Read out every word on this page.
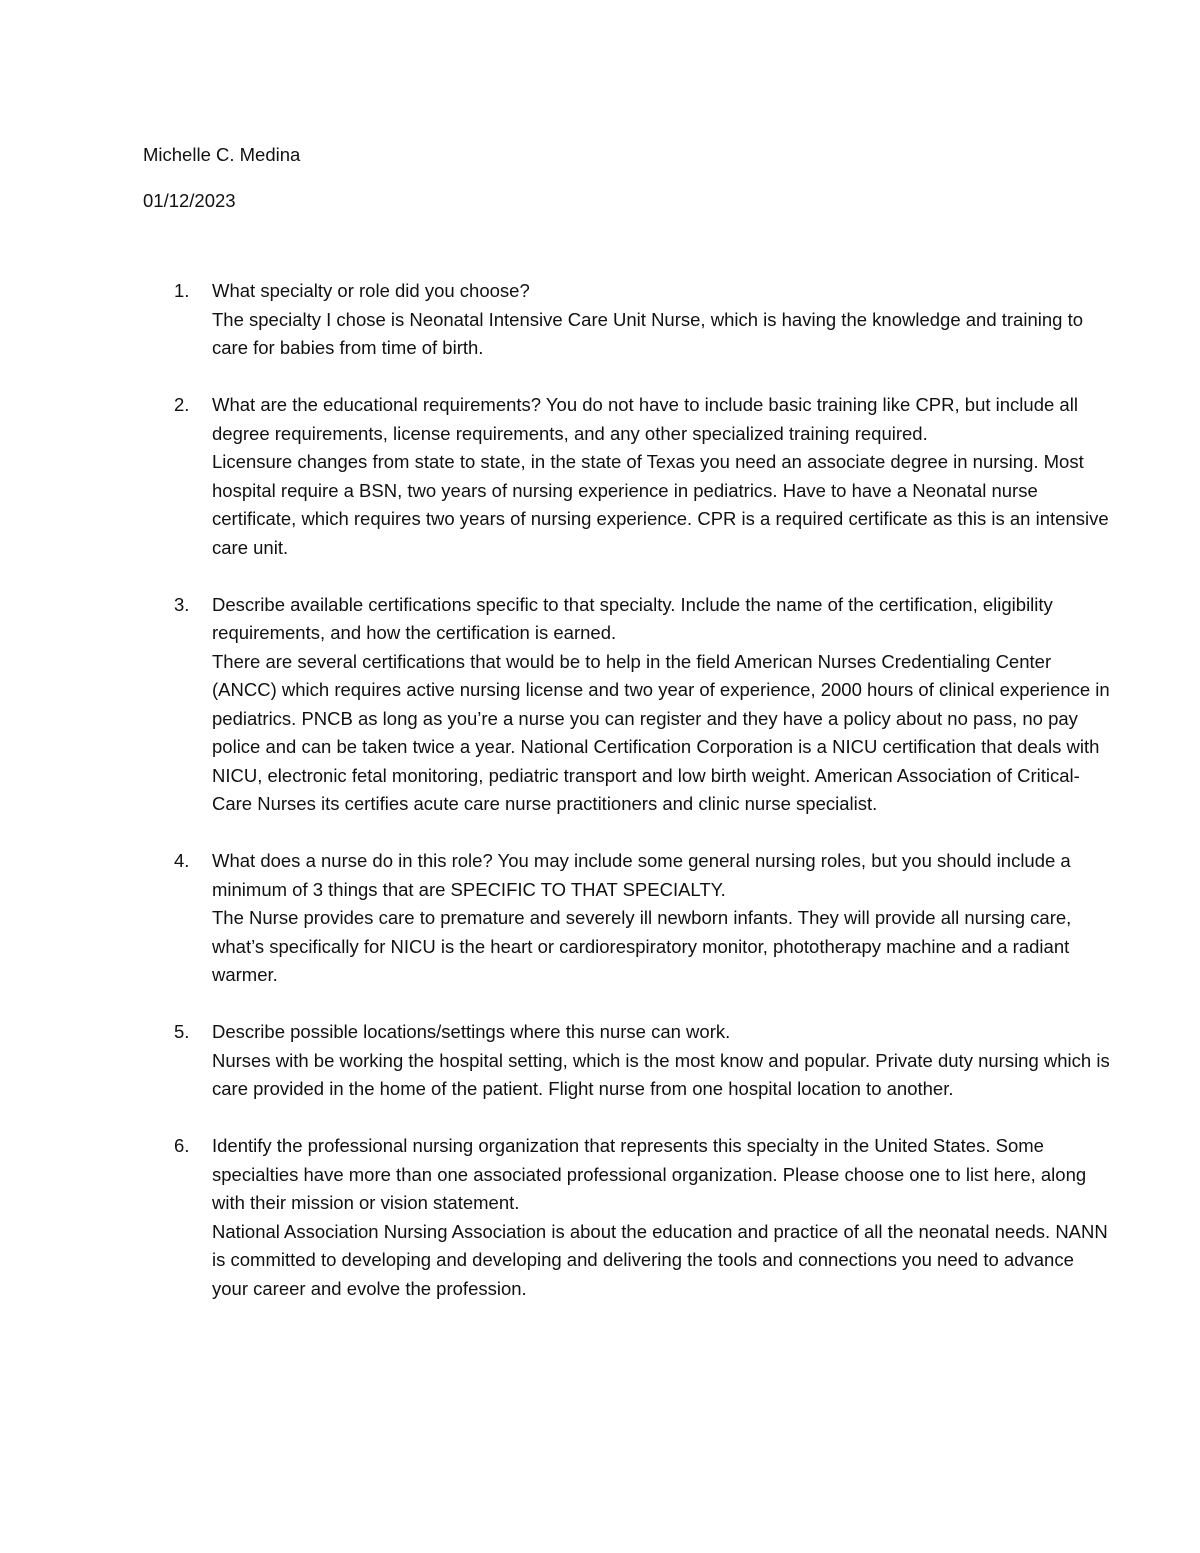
Michelle C. Medina
01/12/2023
1. What specialty or role did you choose?
The specialty I chose is Neonatal Intensive Care Unit Nurse, which is having the knowledge and training to care for babies from time of birth.
2. What are the educational requirements? You do not have to include basic training like CPR, but include all degree requirements, license requirements, and any other specialized training required.
Licensure changes from state to state, in the state of Texas you need an associate degree in nursing. Most hospital require a BSN, two years of nursing experience in pediatrics. Have to have a Neonatal nurse certificate, which requires two years of nursing experience. CPR is a required certificate as this is an intensive care unit.
3. Describe available certifications specific to that specialty. Include the name of the certification, eligibility requirements, and how the certification is earned.
There are several certifications that would be to help in the field American Nurses Credentialing Center (ANCC) which requires active nursing license and two year of experience, 2000 hours of clinical experience in pediatrics. PNCB as long as you’re a nurse you can register and they have a policy about no pass, no pay police and can be taken twice a year. National Certification Corporation is a NICU certification that deals with NICU, electronic fetal monitoring, pediatric transport and low birth weight. American Association of Critical-Care Nurses its certifies acute care nurse practitioners and clinic nurse specialist.
4. What does a nurse do in this role? You may include some general nursing roles, but you should include a minimum of 3 things that are SPECIFIC TO THAT SPECIALTY.
The Nurse provides care to premature and severely ill newborn infants. They will provide all nursing care, what’s specifically for NICU is the heart or cardiorespiratory monitor, phototherapy machine and a radiant warmer.
5. Describe possible locations/settings where this nurse can work.
Nurses with be working the hospital setting, which is the most know and popular. Private duty nursing which is care provided in the home of the patient. Flight nurse from one hospital location to another.
6. Identify the professional nursing organization that represents this specialty in the United States. Some specialties have more than one associated professional organization. Please choose one to list here, along with their mission or vision statement.
National Association Nursing Association is about the education and practice of all the neonatal needs. NANN is committed to developing and developing and delivering the tools and connections you need to advance your career and evolve the profession.
